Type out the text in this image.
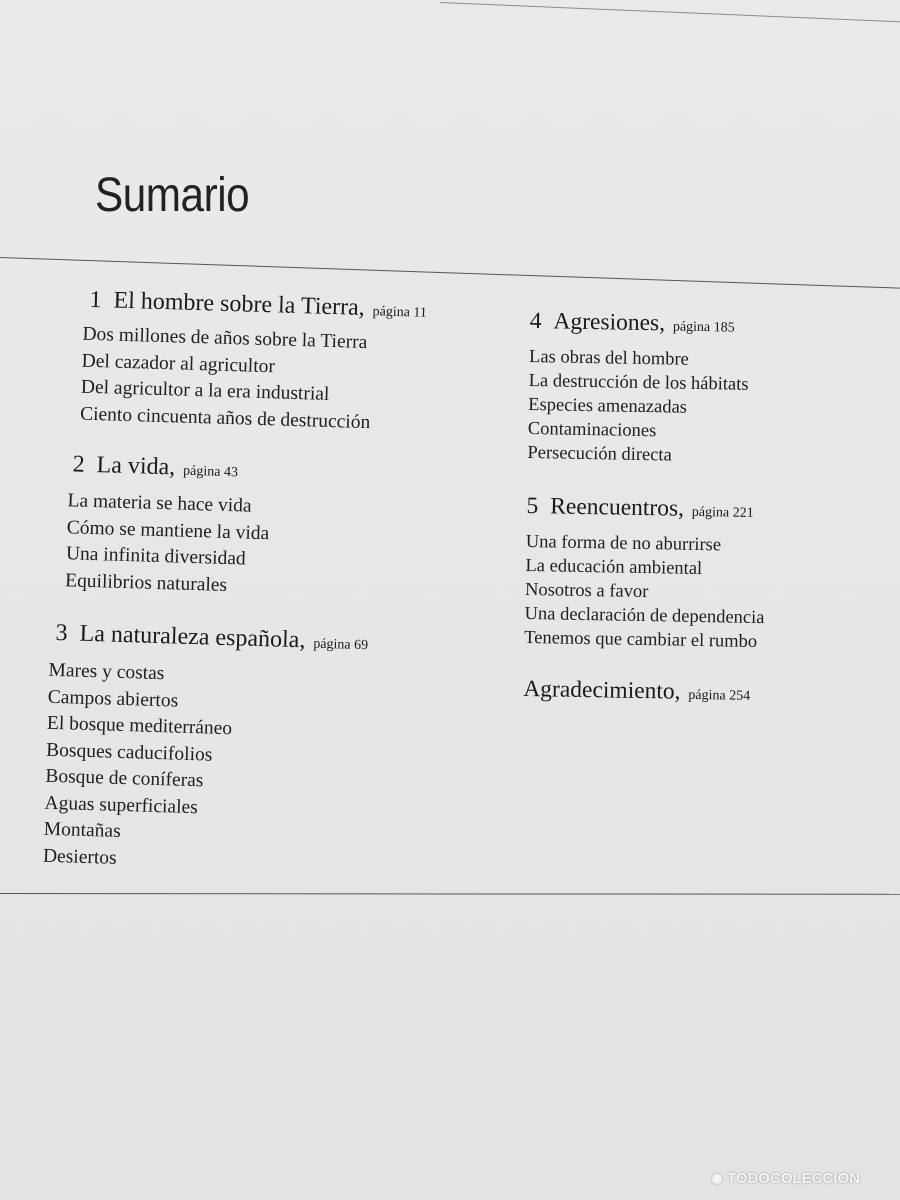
Sumario
1 El hombre sobre la Tierra, página 11
Dos millones de años sobre la Tierra
Del cazador al agricultor
Del agricultor a la era industrial
Ciento cincuenta años de destrucción
2 La vida, página 43
La materia se hace vida
Cómo se mantiene la vida
Una infinita diversidad
Equilibrios naturales
3 La naturaleza española, página 69
Mares y costas
Campos abiertos
El bosque mediterráneo
Bosques caducifolios
Bosque de coníferas
Aguas superficiales
Montañas
Desiertos
4 Agresiones, página 185
Las obras del hombre
La destrucción de los hábitats
Especies amenazadas
Contaminaciones
Persecución directa
5 Reencuentros, página 221
Una forma de no aburrirse
La educación ambiental
Nosotros a favor
Una declaración de dependencia
Tenemos que cambiar el rumbo
Agradecimiento, página 254
TODOCOLECCION
